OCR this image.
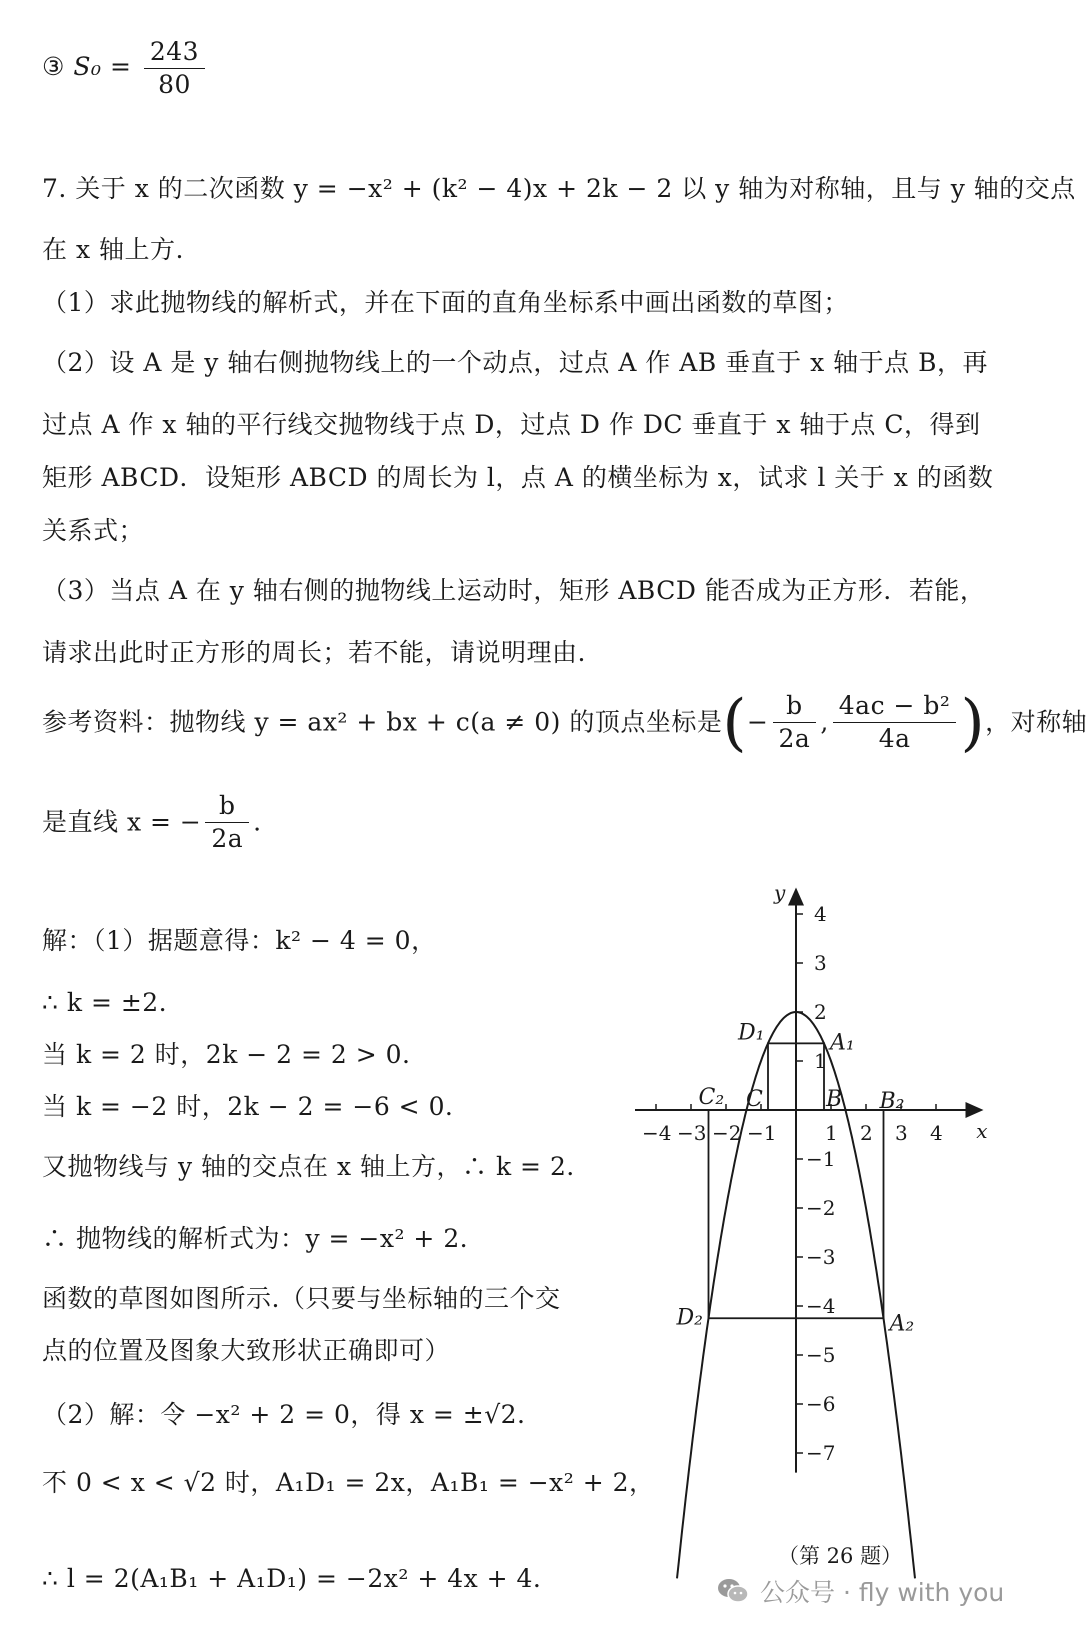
③ $S_0 = \frac{243}{80}$

7. 关于 x 的二次函数 y = −x² + (k² − 4)x + 2k − 2 以 y 轴为对称轴，且与 y 轴的交点

在 x 轴上方.

（1）求此抛物线的解析式，并在下面的直角坐标系中画出函数的草图；

（2）设 A 是 y 轴右侧抛物线上的一个动点，过点 A 作 AB 垂直于 x 轴于点 B，再

过点 A 作 x 轴的平行线交抛物线于点 D，过点 D 作 DC 垂直于 x 轴于点 C，得到

矩形 ABCD．设矩形 ABCD 的周长为 l，点 A 的横坐标为 x，试求 l 关于 x 的函数

关系式；

（3）当点 A 在 y 轴右侧的抛物线上运动时，矩形 ABCD 能否成为正方形．若能，

请求出此时正方形的周长；若不能，请说明理由.

参考资料：抛物线 y = ax² + bx + c(a ≠ 0) 的顶点坐标是(− $\frac{b}{2a}$ , $\frac{\text{4ac − b²}}{4a}$ )，对称轴
是直线 x = − $\frac{b}{2a}$ .

解：（1）据题意得：k² − 4 = 0，

∴ k = ±2．

当 k = 2 时，2k − 2 = 2 > 0．

当 k = −2 时，2k − 2 = −6 < 0．

又抛物线与 y 轴的交点在 x 轴上方，∴ k = 2．

∴ 抛物线的解析式为：y = −x² + 2．

函数的草图如图所示.（只要与坐标轴的三个交

点的位置及图象大致形状正确即可）

（2）解：令 −x² + 2 = 0，得 x = ±√2．

不 0 < x < √2 时，A₁D₁ = 2x，A₁B₁ = −x² + 2，

∴ l = 2(A₁B₁ + A₁D₁) = −2x² + 4x + 4．

x
y
−4 −3 −2 −1 1 2 3 4
4
3
2
1
−1
−2
−3
−4
−5
−6
−7
D₁	A₁
C	B
C₂	B₂
D₂	A₂
（第 26 题）
公众号 · fly with you
